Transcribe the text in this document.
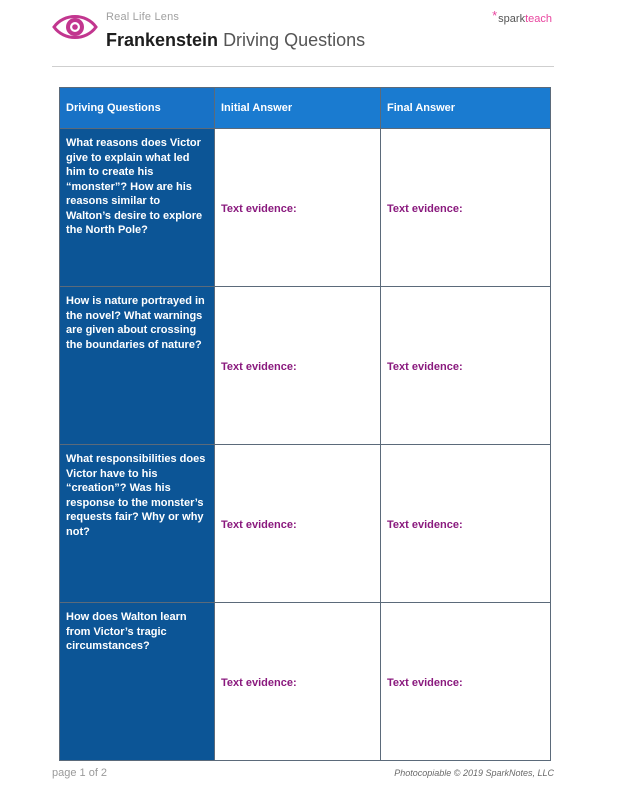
Real Life Lens
Frankenstein Driving Questions
*sparkteach
Driving Questions	Initial Answer	Final Answer
What reasons does Victor give to explain what led him to create his “monster”? How are his reasons similar to Walton’s desire to explore the North Pole?	Text evidence:	Text evidence:
How is nature portrayed in the novel? What warnings are given about crossing the boundaries of nature?	Text evidence:	Text evidence:
What responsibilities does Victor have to his “creation”? Was his response to the monster’s requests fair? Why or why not?	Text evidence:	Text evidence:
How does Walton learn from Victor’s tragic circumstances?	Text evidence:	Text evidence:
page 1 of 2	Photocopiable © 2019 SparkNotes, LLC
